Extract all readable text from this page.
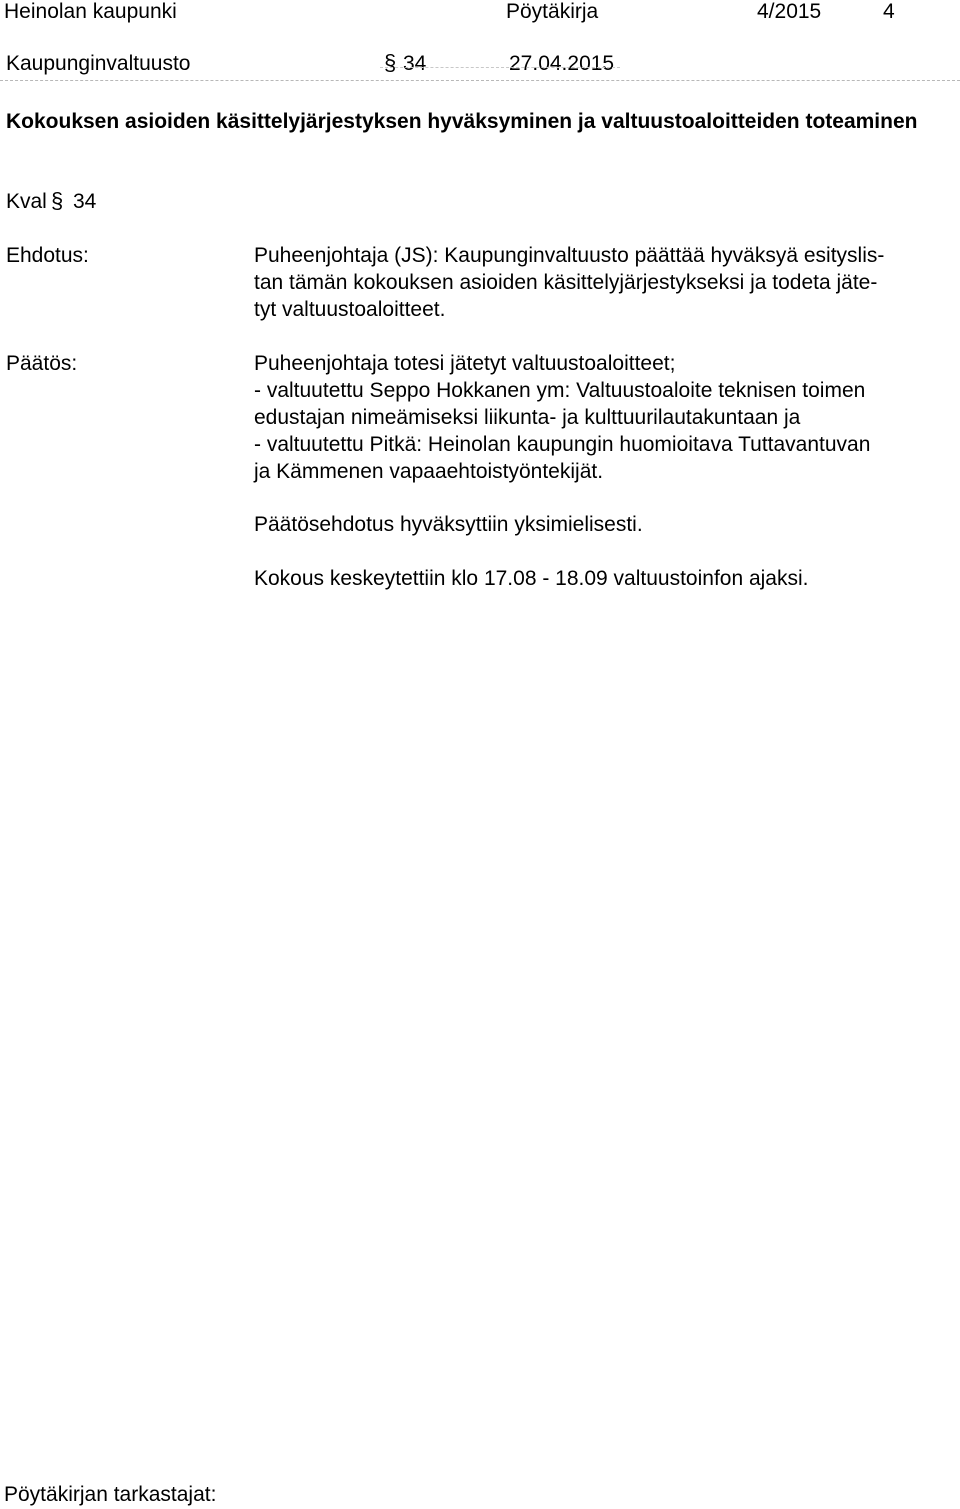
Heinolan kaupunki	Pöytäkirja	4/2015	4
Kaupunginvaltuusto	§ 34	27.04.2015
Kokouksen asioiden käsittelyjärjestyksen hyväksyminen ja valtuustoaloitteiden toteaminen
Kval § 34
Ehdotus:	Puheenjohtaja (JS): Kaupunginvaltuusto päättää hyväksyä esityslis-
tan tämän kokouksen asioiden käsittelyjärjestykseksi ja todeta jäte-
tyt valtuustoaloitteet.
Päätös:	Puheenjohtaja totesi jätetyt valtuustoaloitteet;
- valtuutettu Seppo Hokkanen ym: Valtuustoaloite teknisen toimen
edustajan nimeämiseksi liikunta- ja kulttuurilautakuntaan ja
- valtuutettu Pitkä: Heinolan kaupungin huomioitava Tuttavantuvan
ja Kämmenen vapaaehtoistyöntekijät.
Päätösehdotus hyväksyttiin yksimielisesti.
Kokous keskeytettiin klo 17.08 - 18.09 valtuustoinfon ajaksi.
Pöytäkirjan tarkastajat:
